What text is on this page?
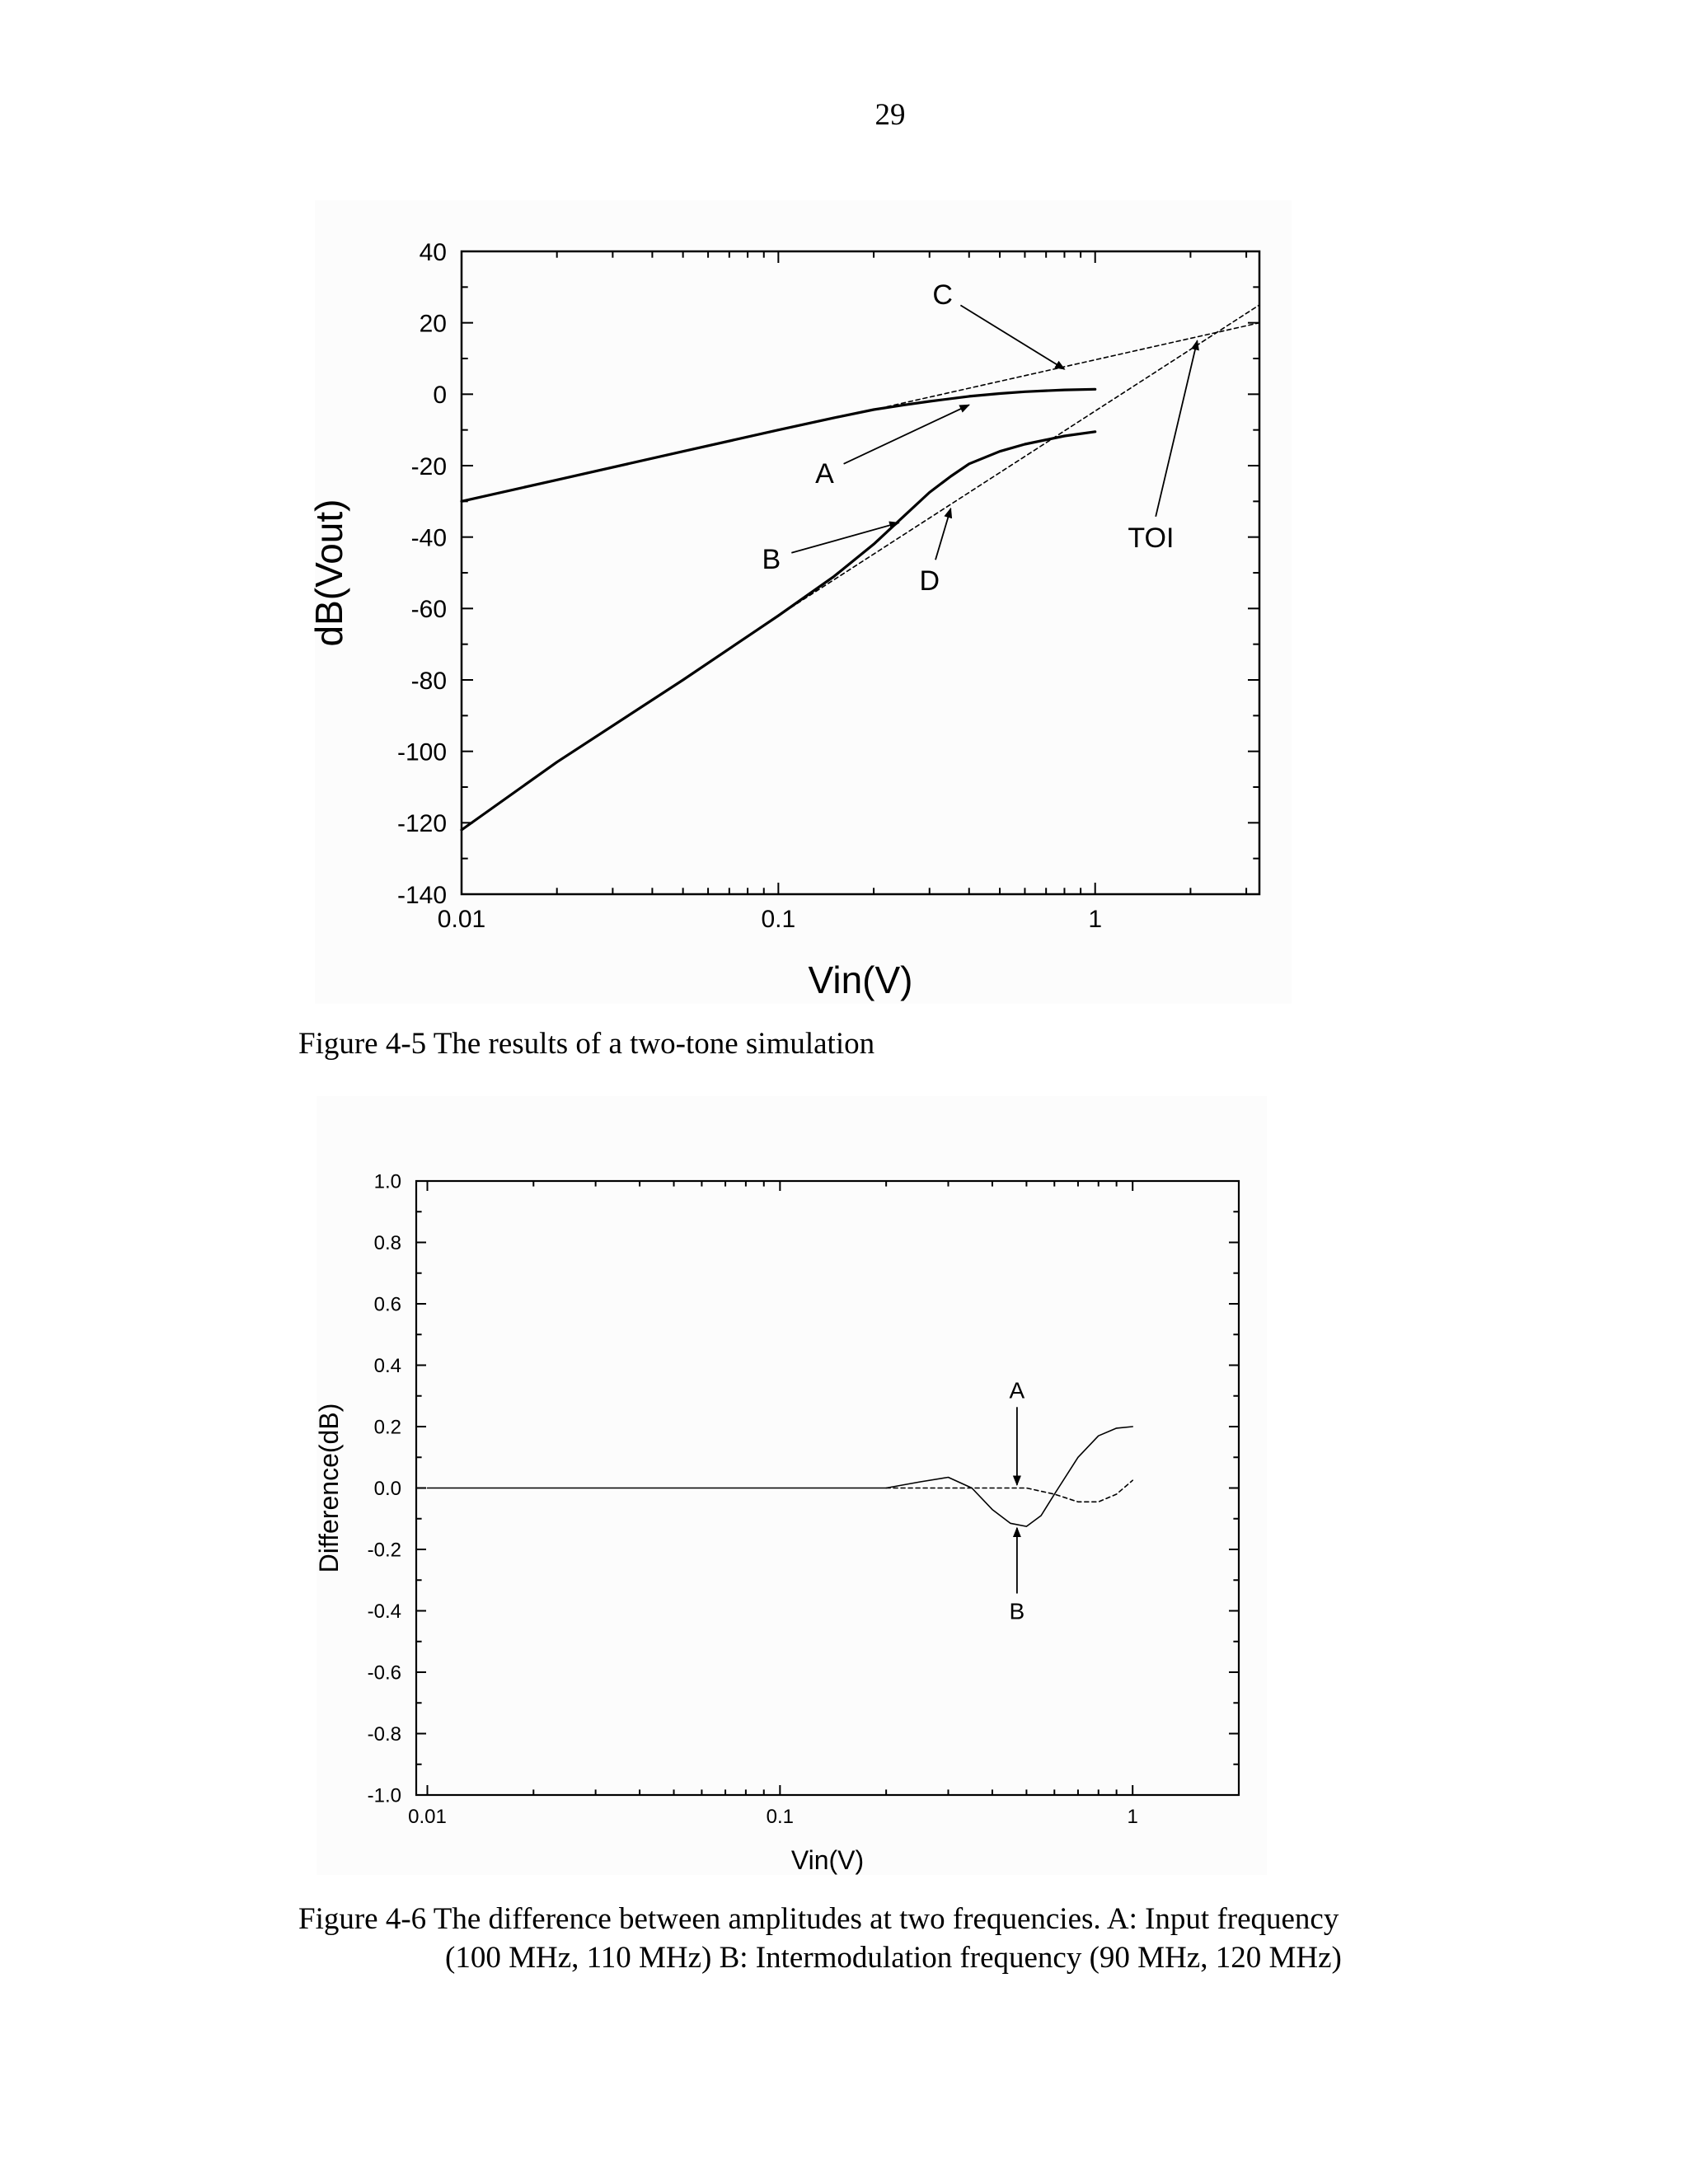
29
40
20
0
-20
-40
-60
-80
-100
-120
-140
0.01	0.1	1
Vin(V)
dB(Vout)
A
B
C
D
TOI
1.0
0.8
0.6
0.4
0.2
0.0
-0.2
-0.4
-0.6
-0.8
-1.0
0.01	0.1	1
Vin(V)
Difference(dB)
A
B
Figure 4-5 The results of a two-tone simulation
Figure 4-6 The difference between amplitudes at two frequencies. A: Input frequency
(100 MHz, 110 MHz) B: Intermodulation frequency (90 MHz, 120 MHz)
